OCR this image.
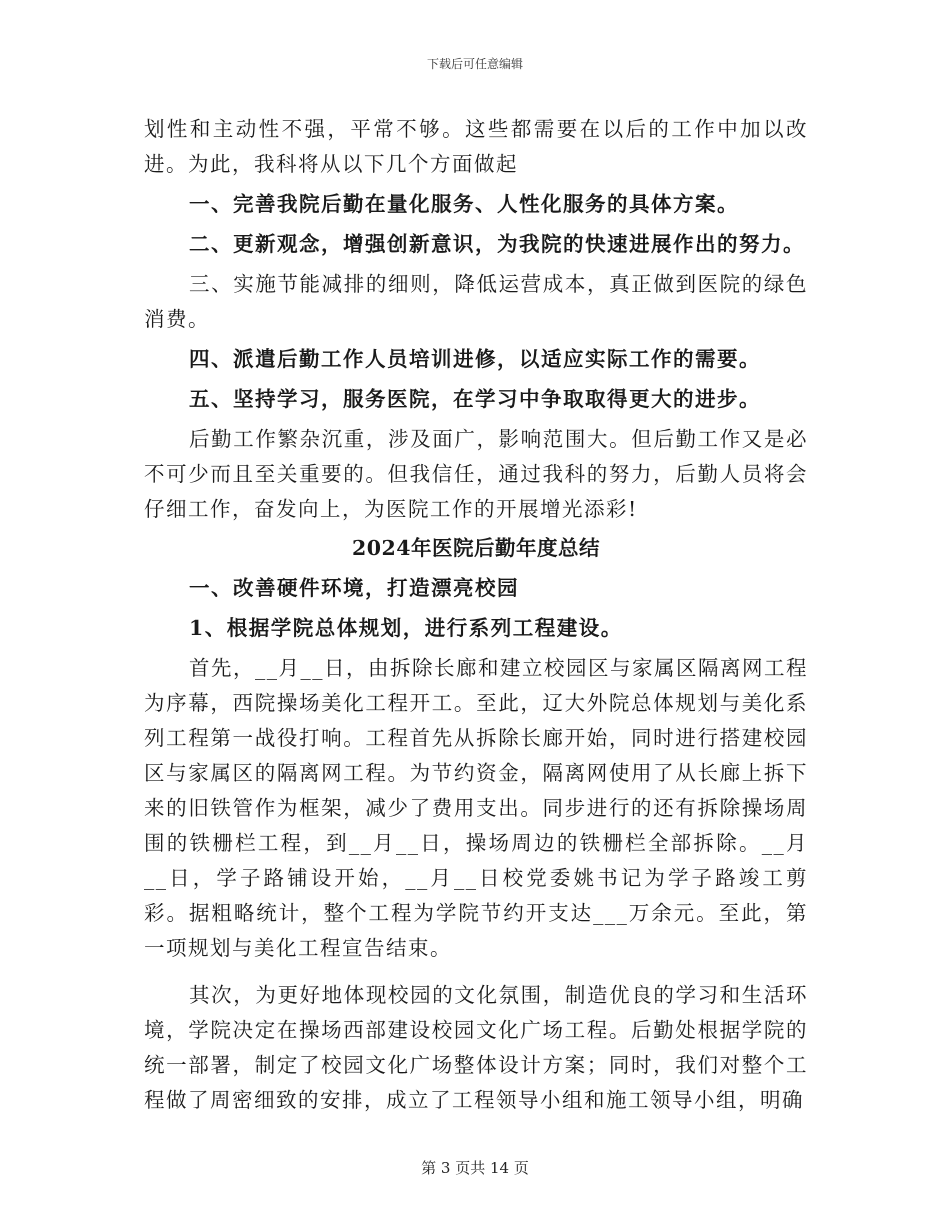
下载后可任意编辑

划性和主动性不强，平常不够。这些都需要在以后的工作中加以改进。为此，我科将从以下几个方面做起

一、完善我院后勤在量化服务、人性化服务的具体方案。

二、更新观念，增强创新意识，为我院的快速进展作出的努力。

三、实施节能减排的细则，降低运营成本，真正做到医院的绿色消费。

四、派遣后勤工作人员培训进修，以适应实际工作的需要。

五、坚持学习，服务医院，在学习中争取取得更大的进步。

后勤工作繁杂沉重，涉及面广，影响范围大。但后勤工作又是必不可少而且至关重要的。但我信任，通过我科的努力，后勤人员将会仔细工作，奋发向上，为医院工作的开展增光添彩!

2024年医院后勤年度总结

一、改善硬件环境，打造漂亮校园

1、根据学院总体规划，进行系列工程建设。

首先，__月__日，由拆除长廊和建立校园区与家属区隔离网工程为序幕，西院操场美化工程开工。至此，辽大外院总体规划与美化系列工程第一战役打响。工程首先从拆除长廊开始，同时进行搭建校园区与家属区的隔离网工程。为节约资金，隔离网使用了从长廊上拆下来的旧铁管作为框架，减少了费用支出。同步进行的还有拆除操场周围的铁栅栏工程，到__月__日，操场周边的铁栅栏全部拆除。__月__日，学子路铺设开始，__月__日校党委姚书记为学子路竣工剪彩。据粗略统计，整个工程为学院节约开支达___万余元。至此，第一项规划与美化工程宣告结束。

其次，为更好地体现校园的文化氛围，制造优良的学习和生活环境，学院决定在操场西部建设校园文化广场工程。后勤处根据学院的统一部署，制定了校园文化广场整体设计方案；同时，我们对整个工程做了周密细致的安排，成立了工程领导小组和施工领导小组，明确

第 3 页共 14 页
